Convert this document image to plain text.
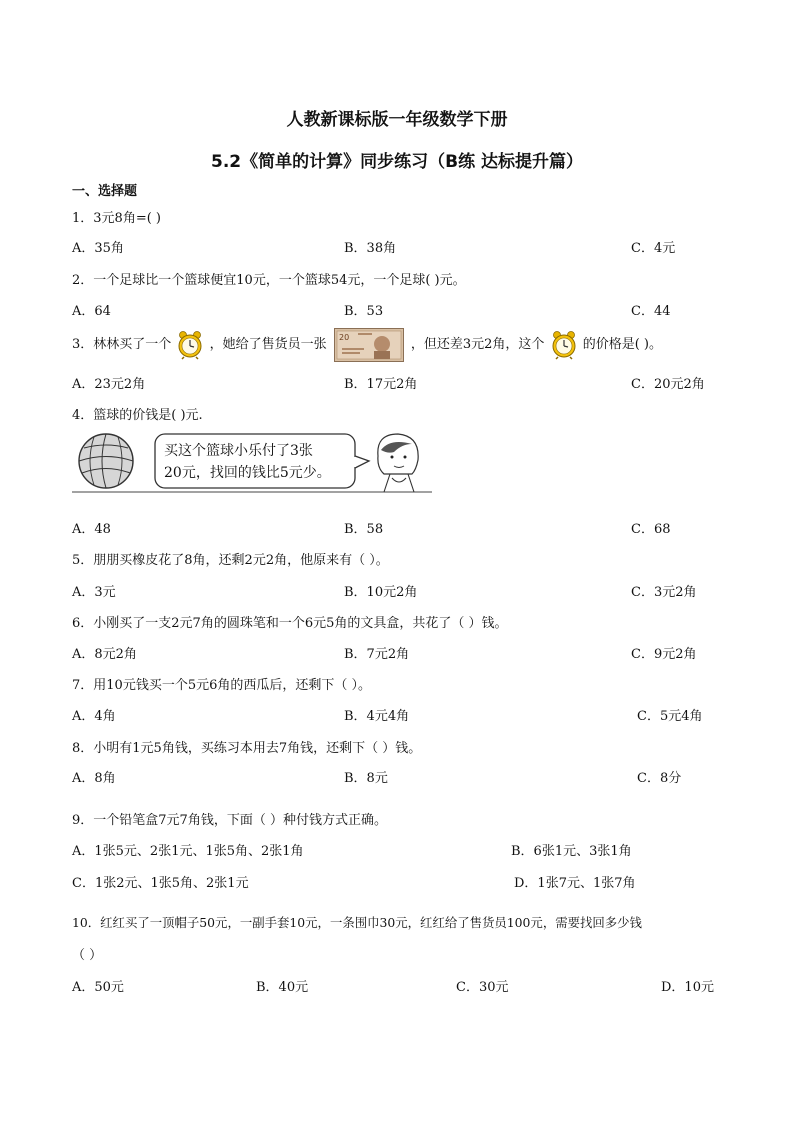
人教新课标版一年级数学下册
5.2《简单的计算》同步练习（B练 达标提升篇）
一、选择题
1．3元8角=( )
A．35角	B．38角	C．4元
2．一个足球比一个篮球便宜10元，一个篮球54元，一个足球( )元。
A．64	B．53	C．44
3．林林买了一个	，她给了售货员一张 20	，但还差3元2角，这个	的价格是( )。
A．23元2角	B．17元2角	C．20元2角
4．篮球的价钱是( )元.
买这个篮球小乐付了3张
20元，找回的钱比5元少。
A．48	B．58	C．68
5．朋朋买橡皮花了8角，还剩2元2角，他原来有（ ）。
A．3元	B．10元2角	C．3元2角
6．小刚买了一支2元7角的圆珠笔和一个6元5角的文具盒，共花了（ ）钱。
A．8元2角	B．7元2角	C．9元2角
7．用10元钱买一个5元6角的西瓜后，还剩下（ ）。
A．4角	B．4元4角	C．5元4角
8．小明有1元5角钱，买练习本用去7角钱，还剩下（ ）钱。
A．8角	B．8元	C．8分
9．一个铅笔盒7元7角钱，下面（ ）种付钱方式正确。
A．1张5元、2张1元、1张5角、2张1角	B．6张1元、3张1角
C．1张2元、1张5角、2张1元	D．1张7元、1张7角
10．红红买了一顶帽子50元，一副手套10元，一条围巾30元，红红给了售货员100元，需要找回多少钱
（ ）
A．50元	B．40元	C．30元	D．10元
